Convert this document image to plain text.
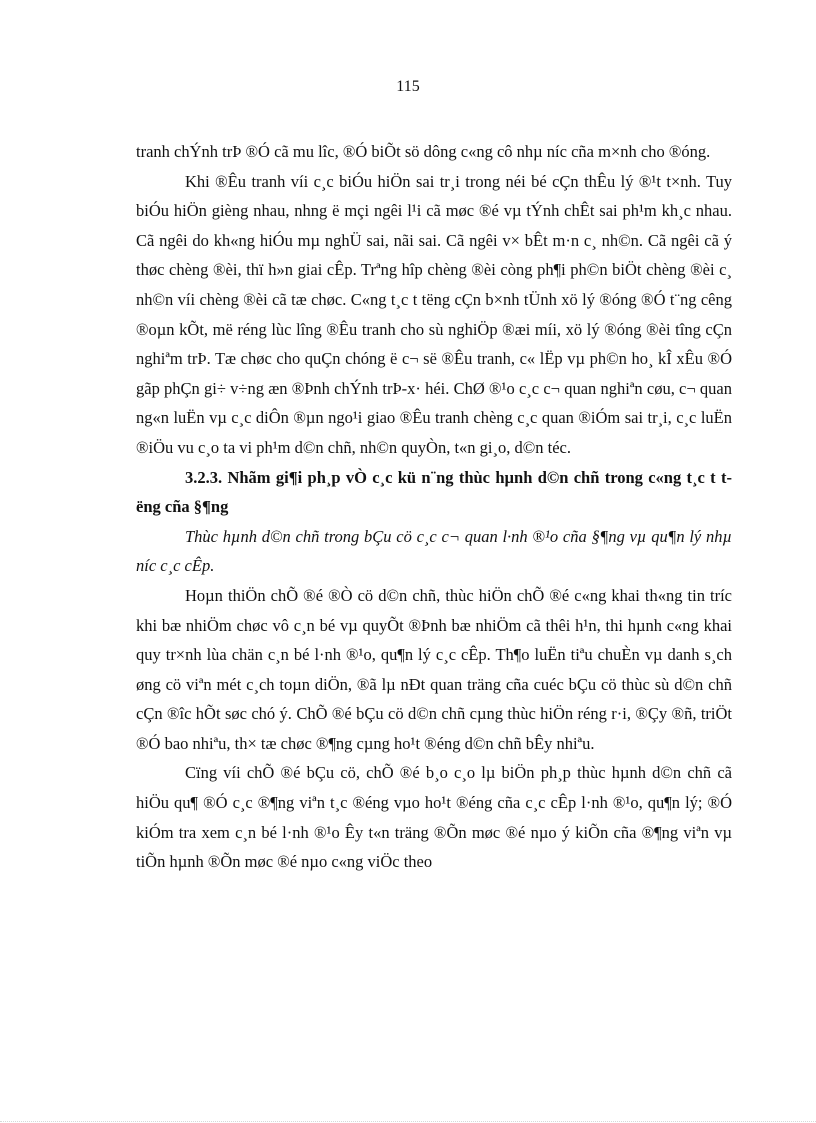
115

tranh chÝnh trÞ ®Ó cã mu lîc, ®Ó biÕt sö dông c«ng cô nhµ níc cña m×nh cho ®óng.

Khi ®Êu tranh víi c¸c biÓu hiÖn sai tr¸i trong néi bé cÇn thÊu lý ®¹t t×nh. Tuy biÓu hiÖn gièng nhau, nhng ë mçi ngêi l¹i cã møc ®é vµ tÝnh chÊt sai ph¹m kh¸c nhau. Cã ngêi do kh«ng hiÓu mµ nghÜ sai, nãi sai. Cã ngêi v× bÊt m·n c¸ nh©n. Cã ngêi cã ý thøc chèng ®èi, thï h»n giai cÊp. Trªng hîp chèng ®èi còng ph¶i ph©n biÖt chèng ®èi c¸ nh©n víi chèng ®èi cã tæ chøc. C«ng t¸c t tëng cÇn b×nh tÜnh xö lý ®óng ®Ó t¨ng cêng ®oµn kÕt, më réng lùc lîng ®Êu tranh cho sù nghiÖp ®æi míi, xö lý ®óng ®èi tîng cÇn nghiªm trÞ. Tæ chøc cho quÇn chóng ë c¬ së ®Êu tranh, c« lËp vµ ph©n ho¸ kÎ xÊu ®Ó gãp phÇn gi÷ v÷ng æn ®Þnh chÝnh trÞ-x· héi. ChØ ®¹o c¸c c¬ quan nghiªn cøu, c¬ quan ng«n luËn vµ c¸c diÔn ®µn ngo¹i giao ®Êu tranh chèng c¸c quan ®iÓm sai tr¸i, c¸c luËn ®iÖu vu c¸o ta vi ph¹m d©n chñ, nh©n quyÒn, t«n gi¸o, d©n téc.

3.2.3. Nhãm gi¶i ph¸p vÒ c¸c kü n¨ng thùc hµnh d©n chñ trong c«ng t¸c t tëng cña §¶ng

Thùc hµnh d©n chñ trong bÇu cö c¸c c¬ quan l·nh ®¹o cña §¶ng vµ qu¶n lý nhµ níc c¸c cÊp.

Hoµn thiÖn chÕ ®é ®Ò cö d©n chñ, thùc hiÖn chÕ ®é c«ng khai th«ng tin tríc khi bæ nhiÖm chøc vô c¸n bé vµ quyÕt ®Þnh bæ nhiÖm cã thêi h¹n, thi hµnh c«ng khai quy tr×nh lùa chän c¸n bé l·nh ®¹o, qu¶n lý c¸c cÊp. Th¶o luËn tiªu chuÈn vµ danh s¸ch øng cö viªn mét c¸ch toµn diÖn, ®ã lµ nÐt quan träng cña cuéc bÇu cö thùc sù d©n chñ cÇn ®îc hÕt søc chó ý. ChÕ ®é bÇu cö d©n chñ cµng thùc hiÖn réng r·i, ®Çy ®ñ, triÖt ®Ó bao nhiªu, th× tæ chøc ®¶ng cµng ho¹t ®éng d©n chñ bÊy nhiªu.

Cïng víi chÕ ®é bÇu cö, chÕ ®é b¸o c¸o lµ biÖn ph¸p thùc hµnh d©n chñ cã hiÖu qu¶ ®Ó c¸c ®¶ng viªn t¸c ®éng vµo ho¹t ®éng cña c¸c cÊp l·nh ®¹o, qu¶n lý; ®Ó kiÓm tra xem c¸n bé l·nh ®¹o Êy t«n träng ®Õn møc ®é nµo ý kiÕn cña ®¶ng viªn vµ tiÕn hµnh ®Õn møc ®é nµo c«ng viÖc theo
